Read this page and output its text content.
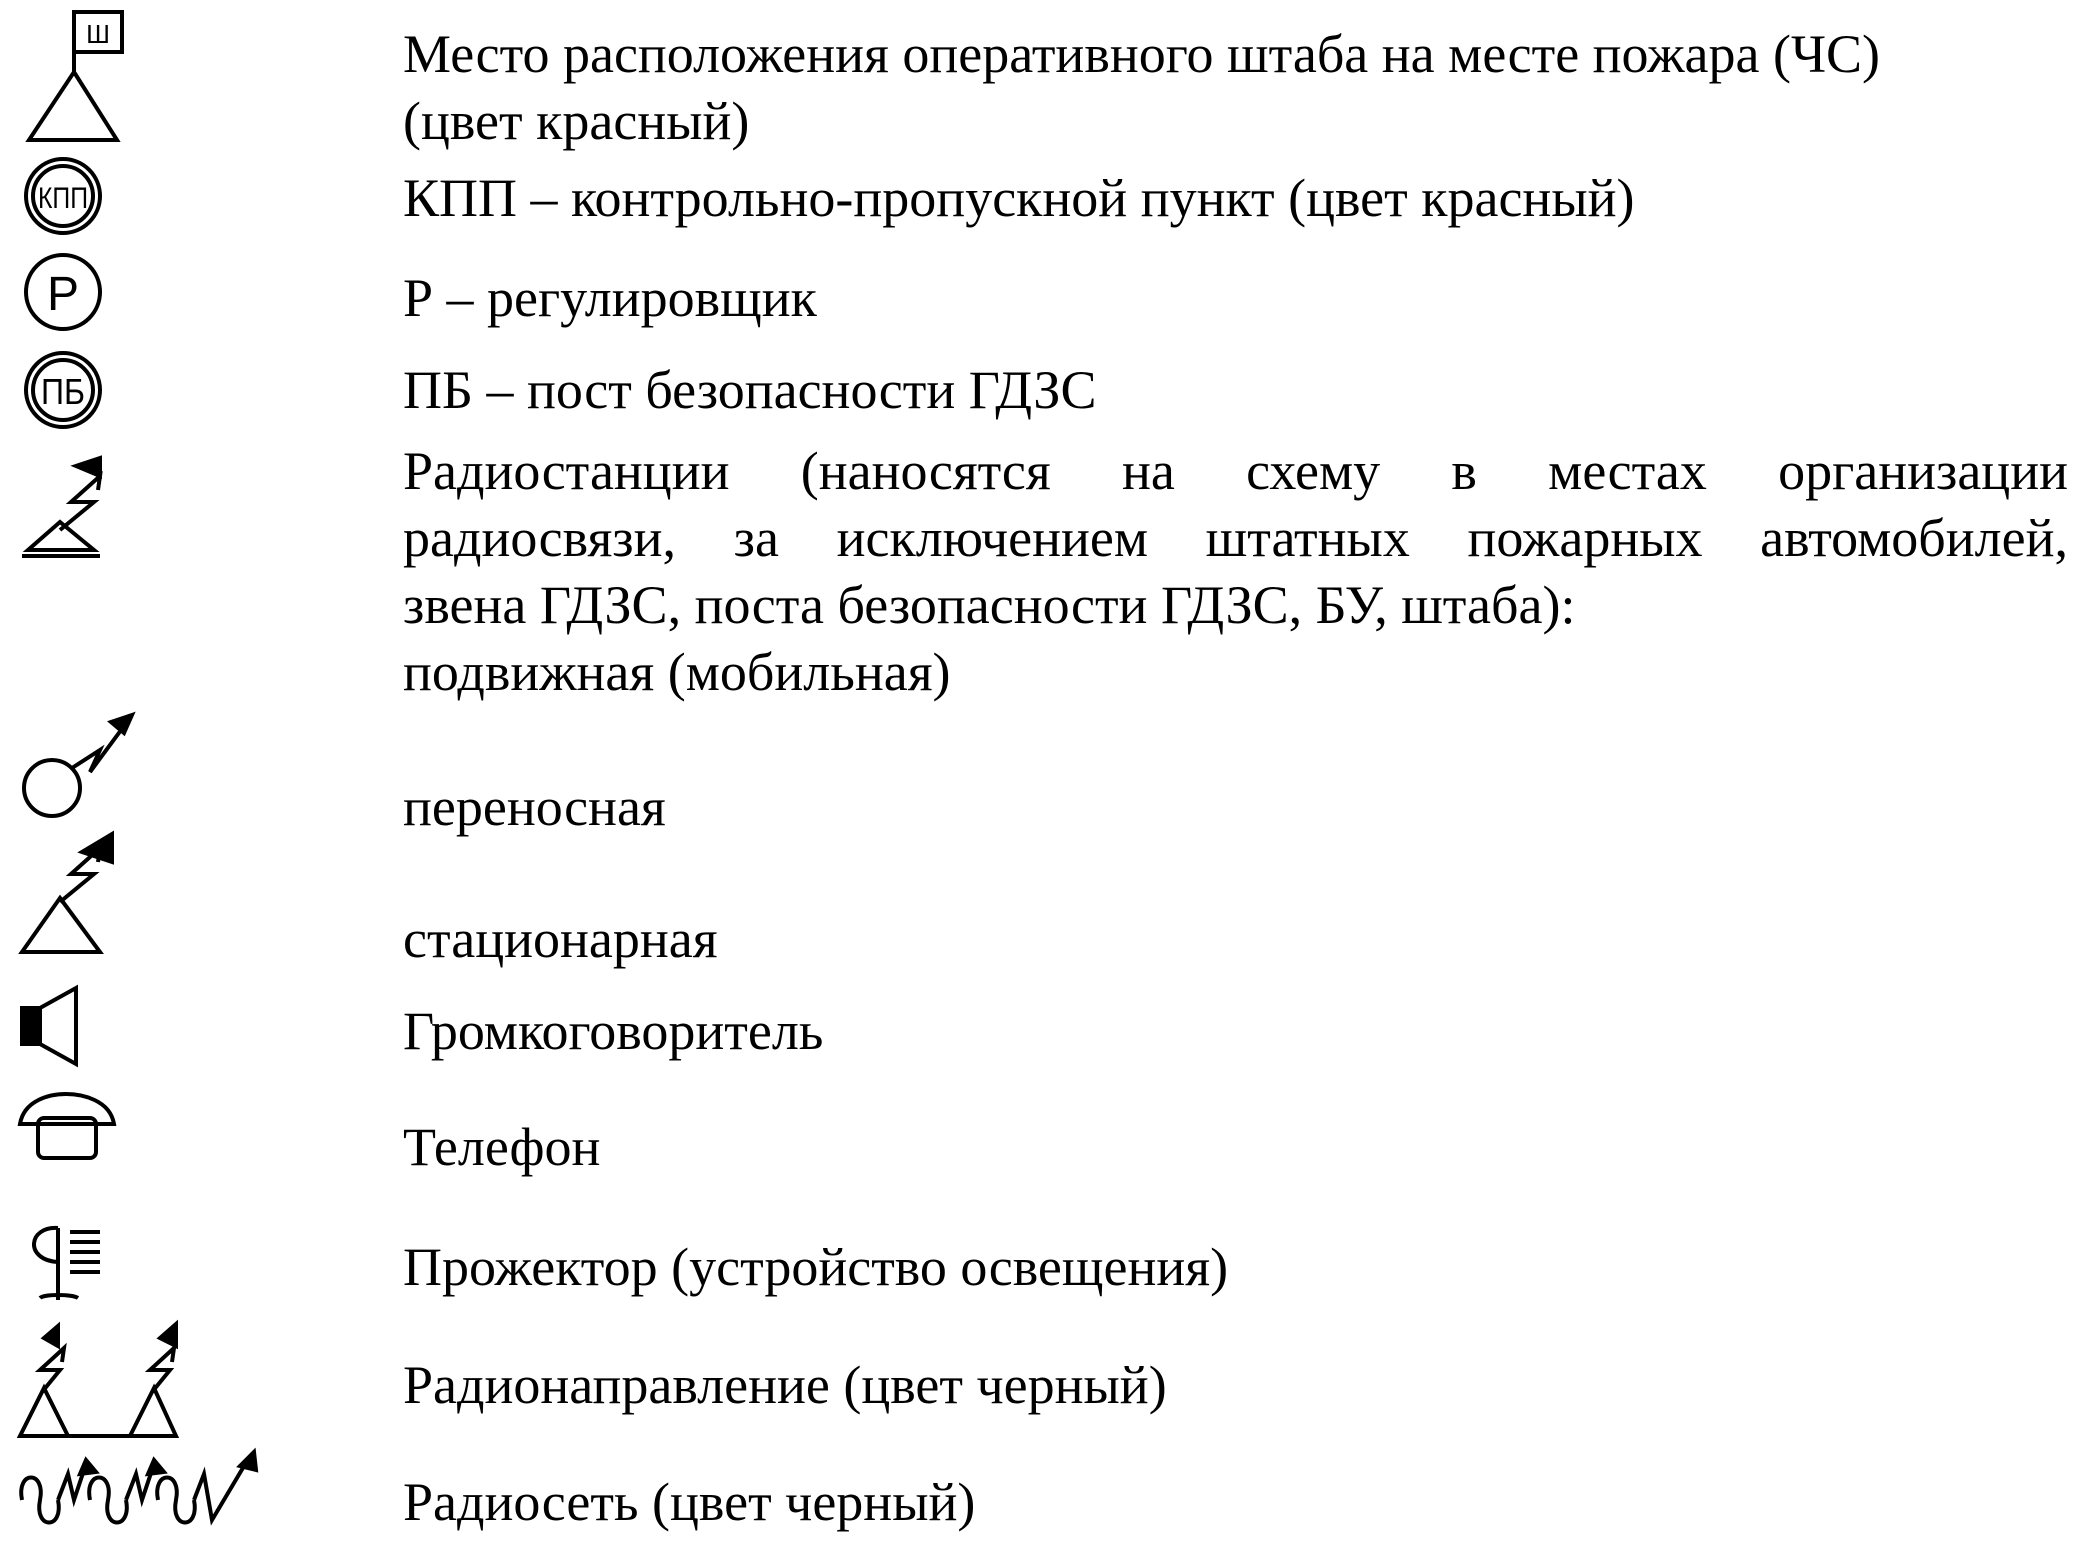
Ш
КПП
Р
ПБ
Место расположения оперативного штаба на месте пожара (ЧС)
(цвет красный)
КПП – контрольно-пропускной пункт (цвет красный)
Р – регулировщик
ПБ – пост безопасности ГДЗС
Радиостанции (наносятся на схему в местах организации
радиосвязи, за исключением штатных пожарных автомобилей,
звена ГДЗС, поста безопасности ГДЗС, БУ, штаба):
подвижная (мобильная)
переносная
стационарная
Громкоговоритель
Телефон
Прожектор (устройство освещения)
Радионаправление (цвет черный)
Радиосеть (цвет черный)
